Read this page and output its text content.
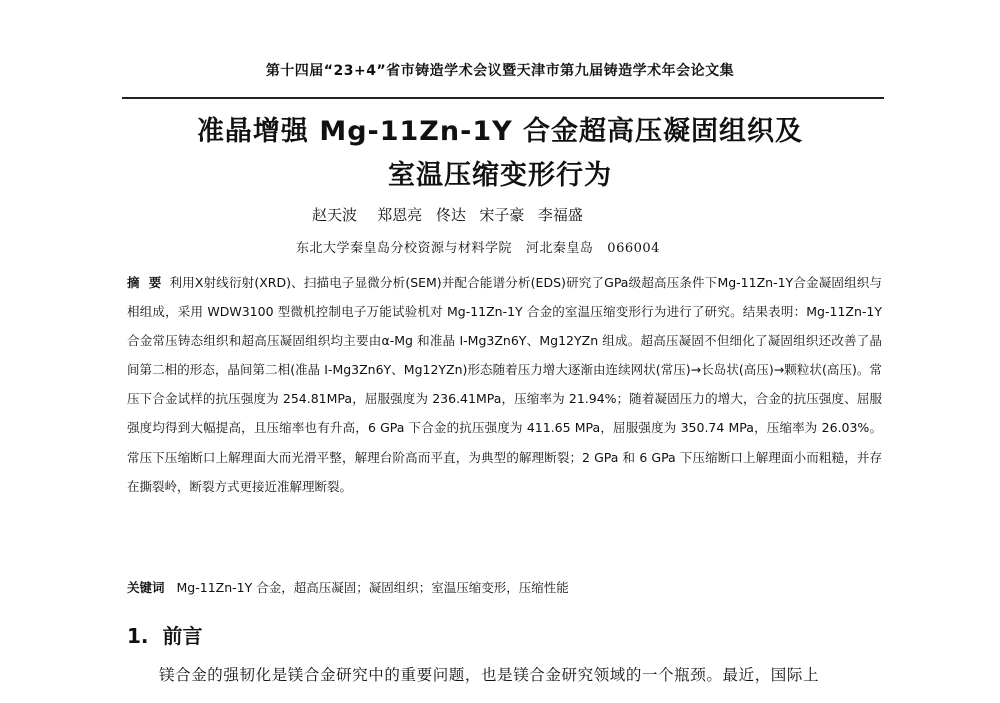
第十四届“23+4”省市铸造学术会议暨天津市第九届铸造学术年会论文集
准晶增强 Mg-11Zn-1Y 合金超高压凝固组织及
室温压缩变形行为
赵天波   郑恩亮  佟达  宋子豪  李福盛
东北大学秦皇岛分校资源与材料学院   河北秦皇岛   066004
摘  要 利用X射线衍射(XRD)、扫描电子显微分析(SEM)并配合能谱分析(EDS)研究了GPa级超高压条件下Mg-11Zn-1Y合金凝固组织与相组成，采用 WDW3100 型微机控制电子万能试验机对 Mg-11Zn-1Y 合金的室温压缩变形行为进行了研究。结果表明：Mg-11Zn-1Y 合金常压铸态组织和超高压凝固组织均主要由α-Mg 和准晶 I-Mg3Zn6Y、Mg12YZn 组成。超高压凝固不但细化了凝固组织还改善了晶间第二相的形态，晶间第二相(准晶 I-Mg3Zn6Y、Mg12YZn)形态随着压力增大逐渐由连续网状(常压)→长岛状(高压)→颗粒状(高压)。常压下合金试样的抗压强度为 254.81MPa，屈服强度为 236.41MPa，压缩率为 21.94%；随着凝固压力的增大，合金的抗压强度、屈服强度均得到大幅提高，且压缩率也有升高，6 GPa 下合金的抗压强度为 411.65 MPa，屈服强度为 350.74 MPa，压缩率为 26.03%。常压下压缩断口上解理面大而光滑平整，解理台阶高而平直，为典型的解理断裂；2 GPa 和 6 GPa 下压缩断口上解理面小而粗糙，并存在撕裂岭，断裂方式更接近准解理断裂。
关键词 Mg-11Zn-1Y 合金，超高压凝固；凝固组织；室温压缩变形，压缩性能
1. 前言
镁合金的强韧化是镁合金研究中的重要问题，也是镁合金研究领域的一个瓶颈。最近，国际上
